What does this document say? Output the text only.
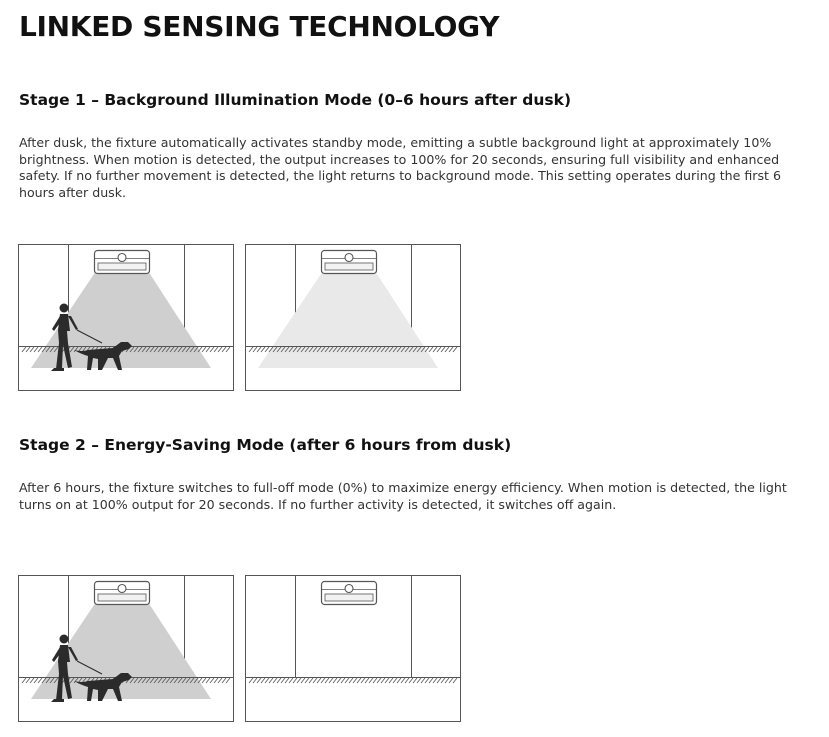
LINKED SENSING TECHNOLOGY
Stage 1 – Background Illumination Mode (0–6 hours after dusk)

After dusk, the fixture automatically activates standby mode, emitting a subtle background light at approximately 10% brightness. When motion is detected, the output increases to 100% for 20 seconds, ensuring full visibility and enhanced safety. If no further movement is detected, the light returns to background mode. This setting operates during the first 6 hours after dusk.

Stage 2 – Energy-Saving Mode (after 6 hours from dusk)

After 6 hours, the fixture switches to full-off mode (0%) to maximize energy efficiency. When motion is detected, the light turns on at 100% output for 20 seconds. If no further activity is detected, it switches off again.
